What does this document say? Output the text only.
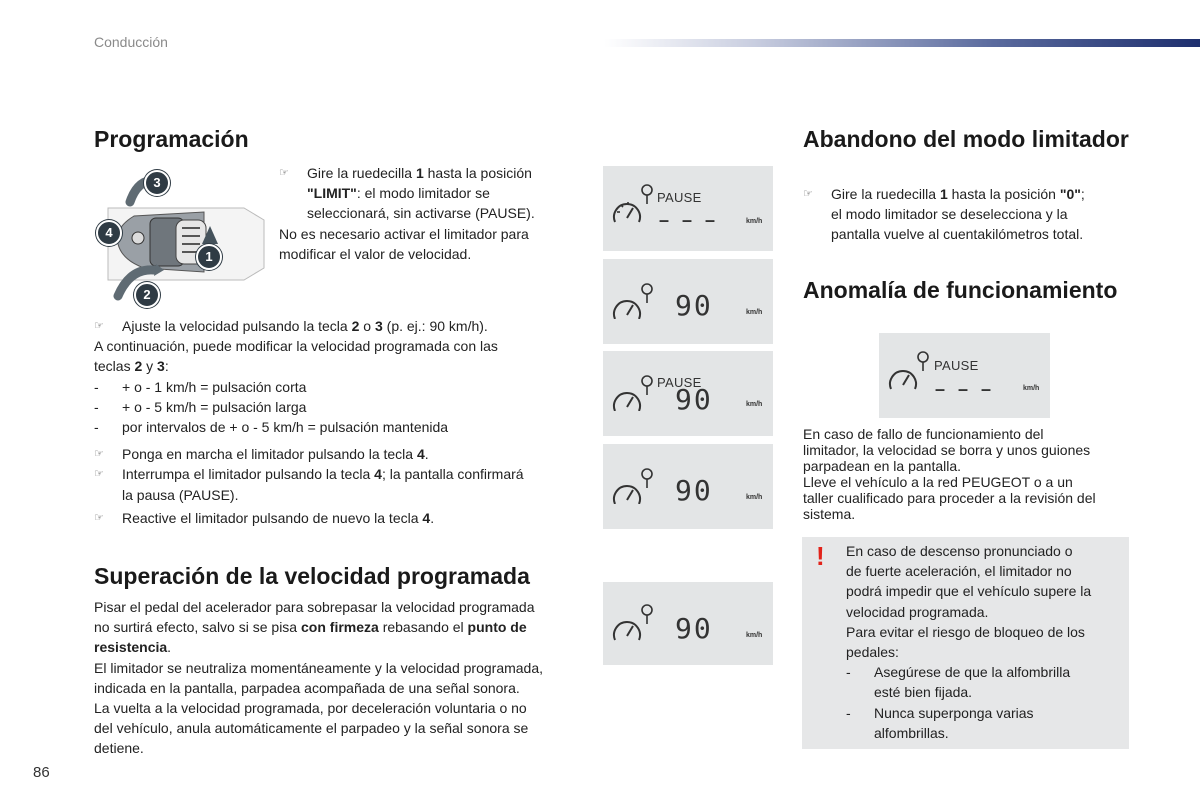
Conducción
Programación
1
2
3
4
☞ Gire la ruedecilla 1 hasta la posición
"LIMIT": el modo limitador se
seleccionará, sin activarse (PAUSE).
No es necesario activar el limitador para
modificar el valor de velocidad.
☞ Ajuste la velocidad pulsando la tecla 2 o 3 (p. ej.: 90 km/h).
A continuación, puede modificar la velocidad programada con las
teclas 2 y 3:
- + o - 1 km/h = pulsación corta
- + o - 5 km/h = pulsación larga
- por intervalos de + o - 5 km/h = pulsación mantenida
☞ Ponga en marcha el limitador pulsando la tecla 4.
☞ Interrumpa el limitador pulsando la tecla 4; la pantalla confirmará
la pausa (PAUSE).
☞ Reactive el limitador pulsando de nuevo la tecla 4.
Superación de la velocidad programada
Pisar el pedal del acelerador para sobrepasar la velocidad programada
no surtirá efecto, salvo si se pisa con firmeza rebasando el punto de
resistencia.
El limitador se neutraliza momentáneamente y la velocidad programada,
indicada en la pantalla, parpadea acompañada de una señal sonora.
La vuelta a la velocidad programada, por deceleración voluntaria o no
del vehículo, anula automáticamente el parpadeo y la señal sonora se
detiene.
PAUSE
– – –	km/h
90	km/h
PAUSE
90	km/h
90	km/h
90	km/h
Abandono del modo limitador
☞ Gire la ruedecilla 1 hasta la posición "0";
el modo limitador se deselecciona y la
pantalla vuelve al cuentakilómetros total.
Anomalía de funcionamiento
PAUSE
– – –	km/h
En caso de fallo de funcionamiento del
limitador, la velocidad se borra y unos guiones
parpadean en la pantalla.
Lleve el vehículo a la red PEUGEOT o a un
taller cualificado para proceder a la revisión del
sistema.
! En caso de descenso pronunciado o
de fuerte aceleración, el limitador no
podrá impedir que el vehículo supere la
velocidad programada.
Para evitar el riesgo de bloqueo de los
pedales:
- Asegúrese de que la alfombrilla
esté bien fijada.
- Nunca superponga varias
alfombrillas.
86
